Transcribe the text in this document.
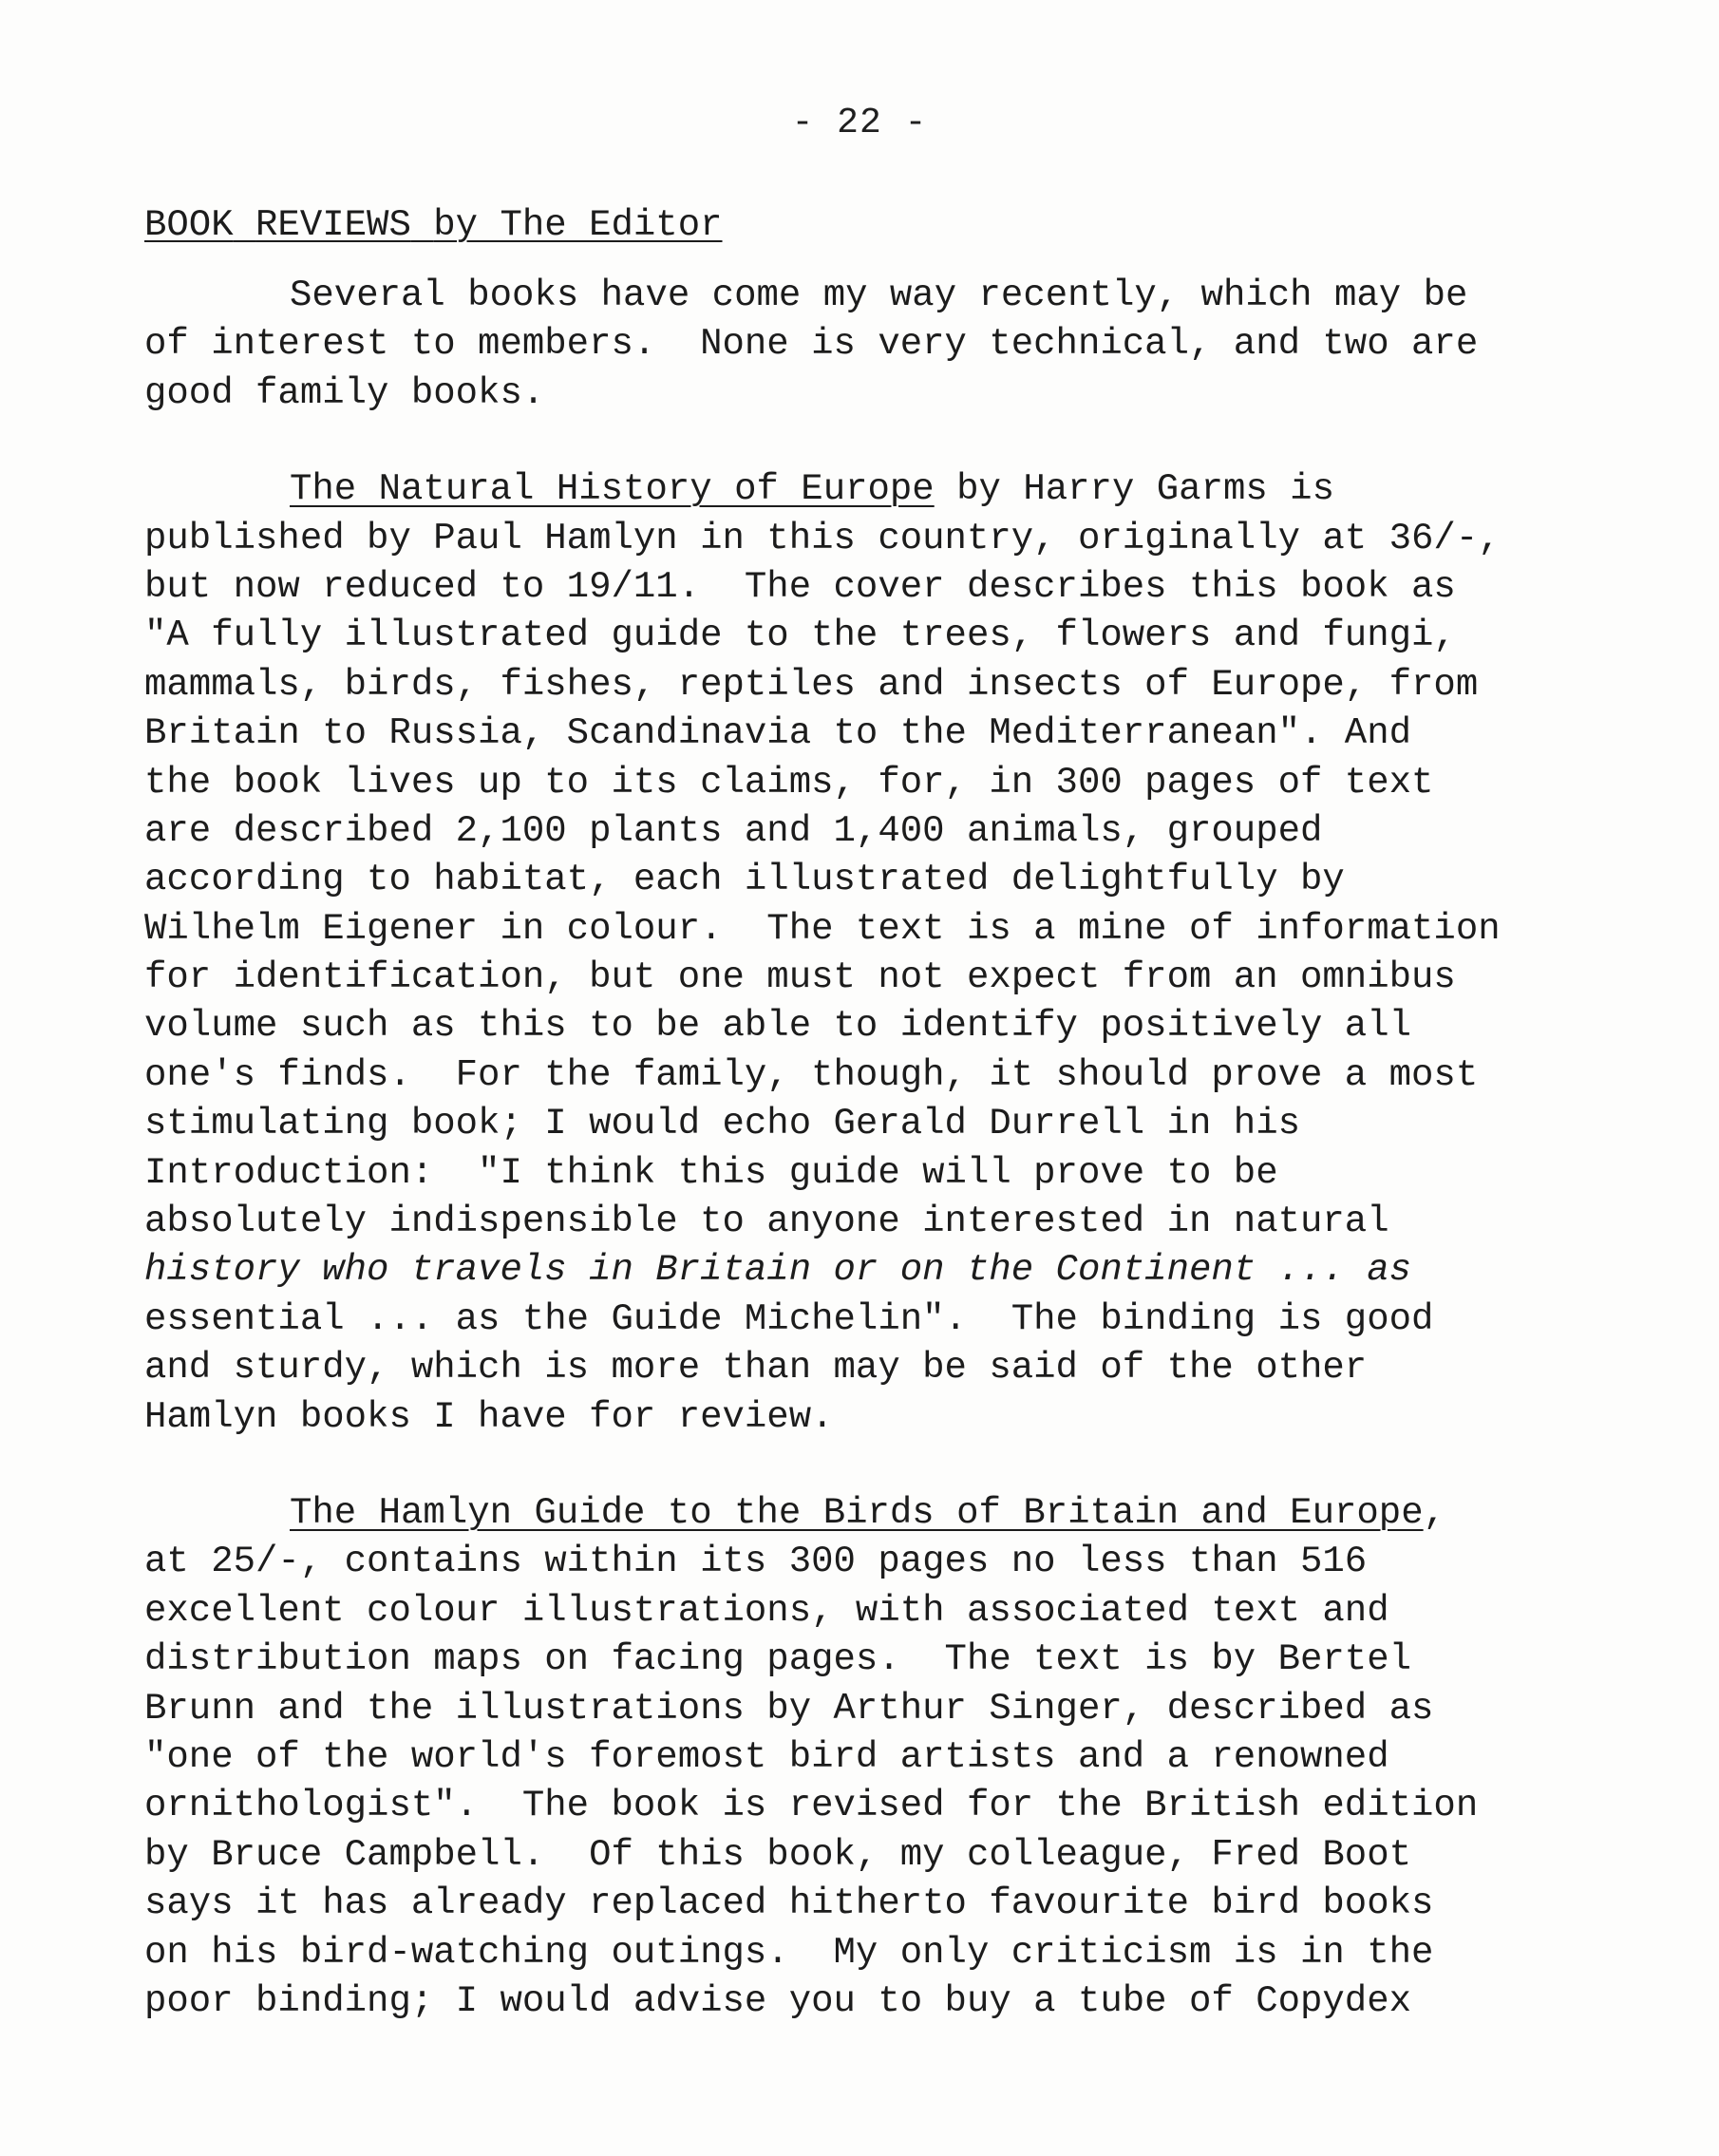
- 22 -
BOOK REVIEWS by The Editor
Several books have come my way recently, which may be
of interest to members.  None is very technical, and two are
good family books.
The Natural History of Europe by Harry Garms is
published by Paul Hamlyn in this country, originally at 36/-,
but now reduced to 19/11.  The cover describes this book as
"A fully illustrated guide to the trees, flowers and fungi,
mammals, birds, fishes, reptiles and insects of Europe, from
Britain to Russia, Scandinavia to the Mediterranean". And
the book lives up to its claims, for, in 300 pages of text
are described 2,100 plants and 1,400 animals, grouped
according to habitat, each illustrated delightfully by
Wilhelm Eigener in colour.  The text is a mine of information
for identification, but one must not expect from an omnibus
volume such as this to be able to identify positively all
one's finds.  For the family, though, it should prove a most
stimulating book; I would echo Gerald Durrell in his
Introduction:  "I think this guide will prove to be
absolutely indispensible to anyone interested in natural
history who travels in Britain or on the Continent ... as
essential ... as the Guide Michelin".  The binding is good
and sturdy, which is more than may be said of the other
Hamlyn books I have for review.
The Hamlyn Guide to the Birds of Britain and Europe,
at 25/-, contains within its 300 pages no less than 516
excellent colour illustrations, with associated text and
distribution maps on facing pages.  The text is by Bertel
Brunn and the illustrations by Arthur Singer, described as
"one of the world's foremost bird artists and a renowned
ornithologist".  The book is revised for the British edition
by Bruce Campbell.  Of this book, my colleague, Fred Boot
says it has already replaced hitherto favourite bird books
on his bird-watching outings.  My only criticism is in the
poor binding; I would advise you to buy a tube of Copydex
